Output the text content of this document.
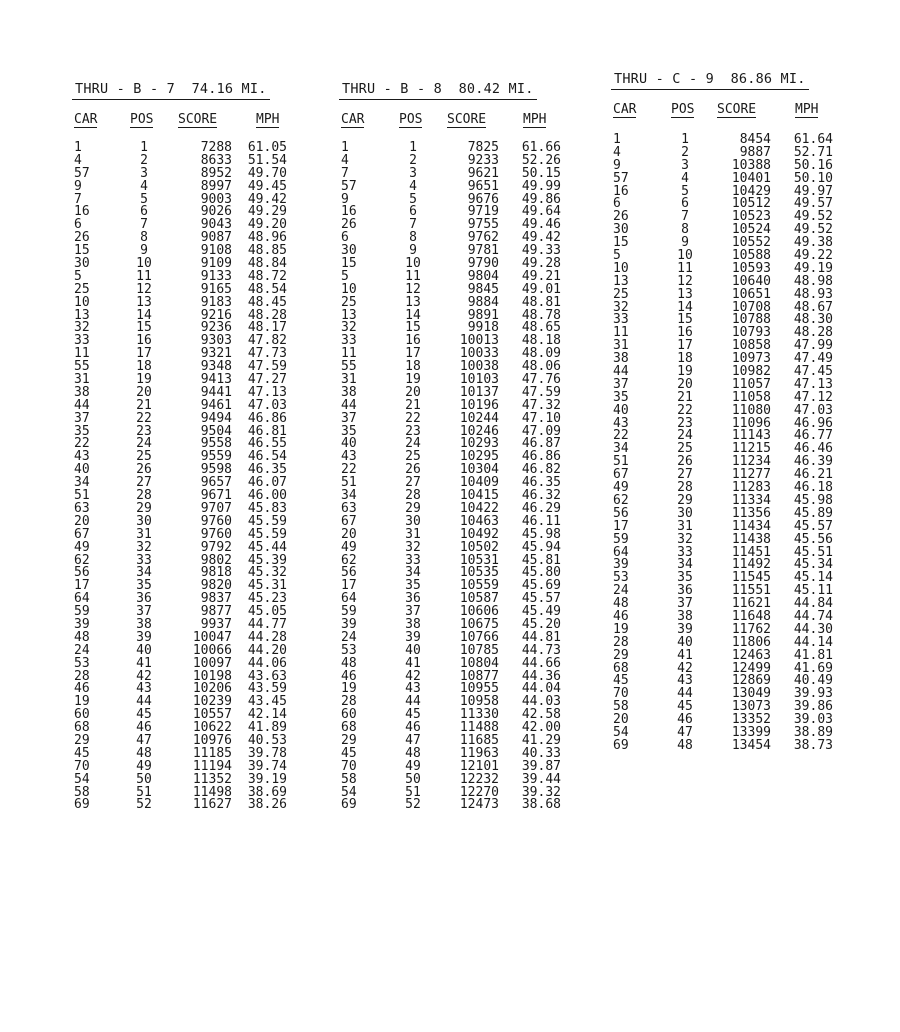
THRU - B - 7  74.16 MI.
CAR	POS SCORE	MPH
1	1	7288	61.05
4	2	8633	51.54
57	3	8952	49.70
9	4	8997	49.45
7	5	9003	49.42
16	6	9026	49.29
6	7	9043	49.20
26	8	9087	48.96
15	9	9108	48.85
30	10	9109	48.84
5	11	9133	48.72
25	12	9165	48.54
10	13	9183	48.45
13	14	9216	48.28
32	15	9236	48.17
33	16	9303	47.82
11	17	9321	47.73
55	18	9348	47.59
31	19	9413	47.27
38	20	9441	47.13
44	21	9461	47.03
37	22	9494	46.86
35	23	9504	46.81
22	24	9558	46.55
43	25	9559	46.54
40	26	9598	46.35
34	27	9657	46.07
51	28	9671	46.00
63	29	9707	45.83
20	30	9760	45.59
67	31	9760	45.59
49	32	9792	45.44
62	33	9802	45.39
56	34	9818	45.32
17	35	9820	45.31
64	36	9837	45.23
59	37	9877	45.05
39	38	9937	44.77
48	39	10047	44.28
24	40	10066	44.20
53	41	10097	44.06
28	42	10198	43.63
46	43	10206	43.59
19	44	10239	43.45
60	45	10557	42.14
68	46	10622	41.89
29	47	10976	40.53
45	48	11185	39.78
70	49	11194	39.74
54	50	11352	39.19
58	51	11498	38.69
69	52	11627	38.26
THRU - B - 8  80.42 MI.
CAR	POS SCORE	MPH
1	1	7825	61.66
4	2	9233	52.26
7	3	9621	50.15
57	4	9651	49.99
9	5	9676	49.86
16	6	9719	49.64
26	7	9755	49.46
6	8	9762	49.42
30	9	9781	49.33
15	10	9790	49.28
5	11	9804	49.21
10	12	9845	49.01
25	13	9884	48.81
13	14	9891	48.78
32	15	9918	48.65
33	16	10013	48.18
11	17	10033	48.09
55	18	10038	48.06
31	19	10103	47.76
38	20	10137	47.59
44	21	10196	47.32
37	22	10244	47.10
35	23	10246	47.09
40	24	10293	46.87
43	25	10295	46.86
22	26	10304	46.82
51	27	10409	46.35
34	28	10415	46.32
63	29	10422	46.29
67	30	10463	46.11
20	31	10492	45.98
49	32	10502	45.94
62	33	10531	45.81
56	34	10535	45.80
17	35	10559	45.69
64	36	10587	45.57
59	37	10606	45.49
39	38	10675	45.20
24	39	10766	44.81
53	40	10785	44.73
48	41	10804	44.66
46	42	10877	44.36
19	43	10955	44.04
28	44	10958	44.03
60	45	11330	42.58
68	46	11488	42.00
29	47	11685	41.29
45	48	11963	40.33
70	49	12101	39.87
58	50	12232	39.44
54	51	12270	39.32
69	52	12473	38.68
THRU - C - 9  86.86 MI.
CAR	POS SCORE	MPH
1	1	8454	61.64
4	2	9887	52.71
9	3	10388	50.16
57	4	10401	50.10
16	5	10429	49.97
6	6	10512	49.57
26	7	10523	49.52
30	8	10524	49.52
15	9	10552	49.38
5	10	10588	49.22
10	11	10593	49.19
13	12	10640	48.98
25	13	10651	48.93
32	14	10708	48.67
33	15	10788	48.30
11	16	10793	48.28
31	17	10858	47.99
38	18	10973	47.49
44	19	10982	47.45
37	20	11057	47.13
35	21	11058	47.12
40	22	11080	47.03
43	23	11096	46.96
22	24	11143	46.77
34	25	11215	46.46
51	26	11234	46.39
67	27	11277	46.21
49	28	11283	46.18
62	29	11334	45.98
56	30	11356	45.89
17	31	11434	45.57
59	32	11438	45.56
64	33	11451	45.51
39	34	11492	45.34
53	35	11545	45.14
24	36	11551	45.11
48	37	11621	44.84
46	38	11648	44.74
19	39	11762	44.30
28	40	11806	44.14
29	41	12463	41.81
68	42	12499	41.69
45	43	12869	40.49
70	44	13049	39.93
58	45	13073	39.86
20	46	13352	39.03
54	47	13399	38.89
69	48	13454	38.73
